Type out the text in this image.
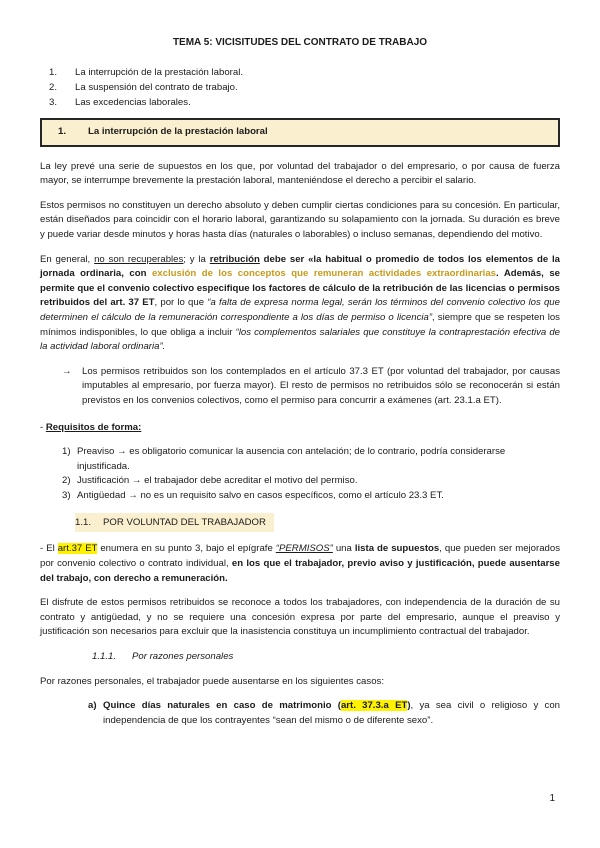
TEMA 5: VICISITUDES DEL CONTRATO DE TRABAJO
1.	La interrupción de la prestación laboral.
2.	La suspensión del contrato de trabajo.
3.	Las excedencias laborales.
1.	La interrupción de la prestación laboral

La ley prevé una serie de supuestos en los que, por voluntad del trabajador o del empresario, o por causa de fuerza mayor, se interrumpe brevemente la prestación laboral, manteniéndose el derecho a percibir el salario.

Estos permisos no constituyen un derecho absoluto y deben cumplir ciertas condiciones para su concesión. En particular, están diseñados para coincidir con el horario laboral, garantizando su solapamiento con la jornada. Su duración es breve y puede variar desde minutos y horas hasta días (naturales o laborables) o incluso semanas, dependiendo del motivo.

En general, no son recuperables; y la retribución debe ser «la habitual o promedio de todos los elementos de la jornada ordinaria, con exclusión de los conceptos que remuneran actividades extraordinarias. Además, se permite que el convenio colectivo especifique los factores de cálculo de la retribución de las licencias o permisos retribuidos del art. 37 ET, por lo que “a falta de expresa norma legal, serán los términos del convenio colectivo los que determinen el cálculo de la remuneración correspondiente a los días de permiso o licencia”, siempre que se respeten los mínimos indisponibles, lo que obliga a incluir “los complementos salariales que constituye la contraprestación efectiva de la actividad laboral ordinaria”.

→	Los permisos retribuidos son los contemplados en el artículo 37.3 ET (por voluntad del trabajador, por causas imputables al empresario, por fuerza mayor). El resto de permisos no retribuidos sólo se reconocerán si están previstos en los convenios colectivos, como el permiso para concurrir a exámenes (art. 23.1.a ET).

- Requisitos de forma:

1) Preaviso → es obligatorio comunicar la ausencia con antelación; de lo contrario, podría considerarse injustificada.
2) Justificación → el trabajador debe acreditar el motivo del permiso.
3) Antigüedad → no es un requisito salvo en casos específicos, como el artículo 23.3 ET.
1.1. POR VOLUNTAD DEL TRABAJADOR

- El art.37 ET enumera en su punto 3, bajo el epígrafe “PERMISOS” una lista de supuestos, que pueden ser mejorados por convenio colectivo o contrato individual, en los que el trabajador, previo aviso y justificación, puede ausentarse del trabajo, con derecho a remuneración.

El disfrute de estos permisos retribuidos se reconoce a todos los trabajadores, con independencia de la duración de su contrato y antigüedad, y no se requiere una concesión expresa por parte del empresario, aunque el preaviso y justificación son necesarios para excluir que la inasistencia constituya un incumplimiento contractual del trabajador.

1.1.1. Por razones personales

Por razones personales, el trabajador puede ausentarse en los siguientes casos:

a) Quince días naturales en caso de matrimonio (art. 37.3.a ET), ya sea civil o religioso y con independencia de que los contrayentes “sean del mismo o de diferente sexo”.
1
